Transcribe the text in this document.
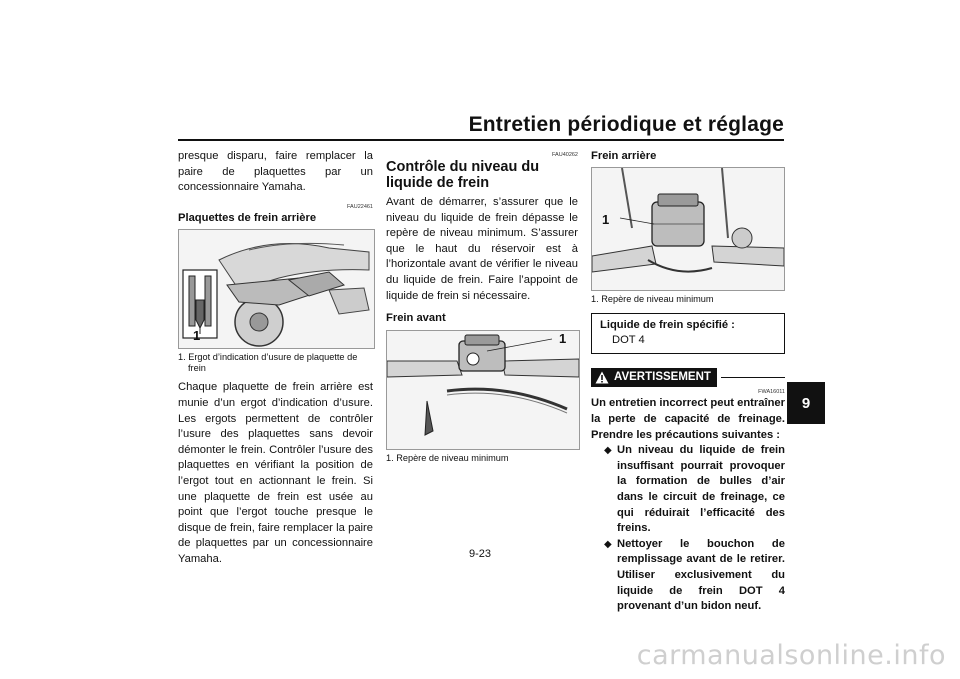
Entretien périodique et réglage
9

presque disparu, faire remplacer la paire de plaquettes par un concessionnaire Yamaha.

FAU22461

Plaquettes de frein arrière

1
1. Ergot d’indication d’usure de plaquette de
frein

Chaque plaquette de frein arrière est munie d’un ergot d’indication d’usure. Les ergots permettent de contrôler l’usure des plaquettes sans devoir démonter le frein. Contrôler l’usure des plaquettes en vérifiant la position de l’ergot tout en actionnant le frein. Si une plaquette de frein est usée au point que l’ergot touche presque le disque de frein, faire remplacer la paire de plaquettes par un concessionnaire Yamaha.

FAU40262

Contrôle du niveau du liquide de frein

Avant de démarrer, s’assurer que le niveau du liquide de frein dépasse le repère de niveau minimum. S’assurer que le haut du réservoir est à l’horizontale avant de vérifier le niveau du liquide de frein. Faire l’appoint de liquide de frein si nécessaire.

Frein avant

1
1. Repère de niveau minimum

Frein arrière

1
1. Repère de niveau minimum
Liquide de frein spécifié :
DOT 4
AVERTISSEMENT
FWA16011

Un entretien incorrect peut entraîner la perte de capacité de freinage. Prendre les précautions suivantes :

◆ Un niveau du liquide de frein insuffisant pourrait provoquer la formation de bulles d’air dans le circuit de freinage, ce qui réduirait l’efficacité des freins.
◆ Nettoyer le bouchon de remplissage avant de le retirer. Utiliser exclusivement du liquide de frein DOT 4 provenant d’un bidon neuf.
9-23
carmanualsonline.info
